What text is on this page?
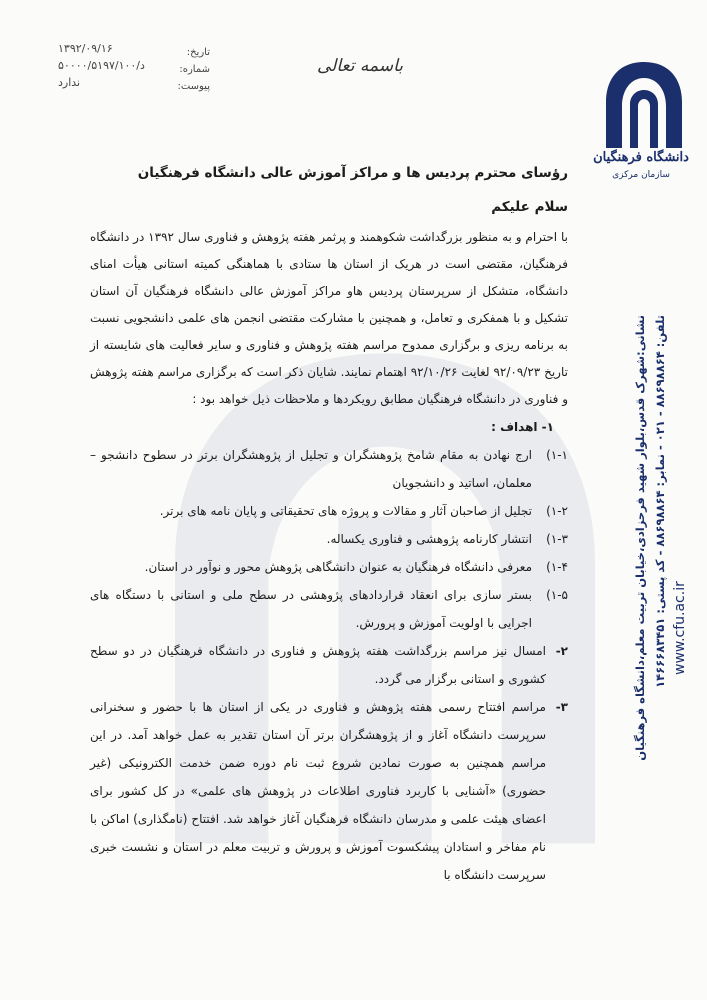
دانشگاه فرهنگیان
سازمان مرکزی
باسمه تعالی
تاریخ:
شماره:
پیوست:
۱۳۹۲/۰۹/۱۶
۵۰۰۰۰/۵۱۹۷/۱۰۰/د
ندارد

رؤسای محترم پردیس ها و مراکز آموزش عالی دانشگاه فرهنگیان

سلام علیکم

با احترام و به منظور بزرگداشت شکوهمند و پرثمر هفته پژوهش و فناوری سال ۱۳۹۲ در دانشگاه فرهنگیان، مقتضی است در هریک از استان ها ستادی با هماهنگی کمیته استانی هیأت امنای دانشگاه، متشکل از سرپرستان پردیس هاو مراکز آموزش عالی دانشگاه فرهنگیان آن استان تشکیل و با همفکری و تعامل، و همچنین با مشارکت مقتضی انجمن های علمی دانشجویی نسبت به برنامه ریزی و برگزاری ممدوح مراسم هفته پژوهش و فناوری و سایر فعالیت های شایسته از تاریخ ۹۲/۰۹/۲۳ لغایت ۹۲/۱۰/۲۶ اهتمام نمایند. شایان ذکر است که برگزاری مراسم هفته پژوهش و فناوری در دانشگاه فرهنگیان مطابق رویکردها و ملاحظات ذیل خواهد بود :

۱- اهداف :

۱-۱)
ارج نهادن به مقام شامخ پژوهشگران و تجلیل از پژوهشگران برتر در سطوح دانشجو –معلمان، اساتید و دانشجویان
۱-۲)
تجلیل از صاحبان آثار و مقالات و پروژه های تحقیقاتی و پایان نامه های برتر.
۱-۳)
انتشار کارنامه پژوهشی و فناوری یکساله.
۱-۴)
معرفی دانشگاه فرهنگیان به عنوان دانشگاهی پژوهش محور و نوآور در استان.
۱-۵)
بستر سازی برای انعقاد قراردادهای پژوهشی در سطح ملی و استانی با دستگاه های اجرایی با اولویت آموزش و پرورش.
۲-
امسال نیز مراسم بزرگداشت هفته پژوهش و فناوری در دانشگاه فرهنگیان در دو سطح کشوری و استانی برگزار می گردد.
۳-
مراسم افتتاح رسمی هفته پژوهش و فناوری در یکی از استان ها با حضور و سخنرانی سرپرست دانشگاه آغاز و از پژوهشگران برتر آن استان تقدیر به عمل خواهد آمد. در این مراسم همچنین به صورت نمادین شروع ثبت نام دوره ضمن خدمت الکترونیکی (غیر حضوری) «آشنایی با کاربرد فناوری اطلاعات در پژوهش های علمی» در کل کشور برای اعضای هیئت علمی و مدرسان دانشگاه فرهنگیان آغاز خواهد شد. افتتاح (نامگذاری) اماکن با نام مفاخر و استادان پیشکسوت آموزش و پرورش و تربیت معلم در استان و نشست خبری سرپرست دانشگاه با
نشانی:شهرک قدس،بلوار شهید فرحزادی،خیابان تربیت معلم،دانشگاه فرهنگیان تلفن: ۸۸۶۹۸۸۶۴ - ۰۲۱ - نمابر: ۸۸۶۹۸۸۶۴ - کد پستی: ۱۴۶۶۶۸۳۴۵۱
www.cfu.ac.ir
